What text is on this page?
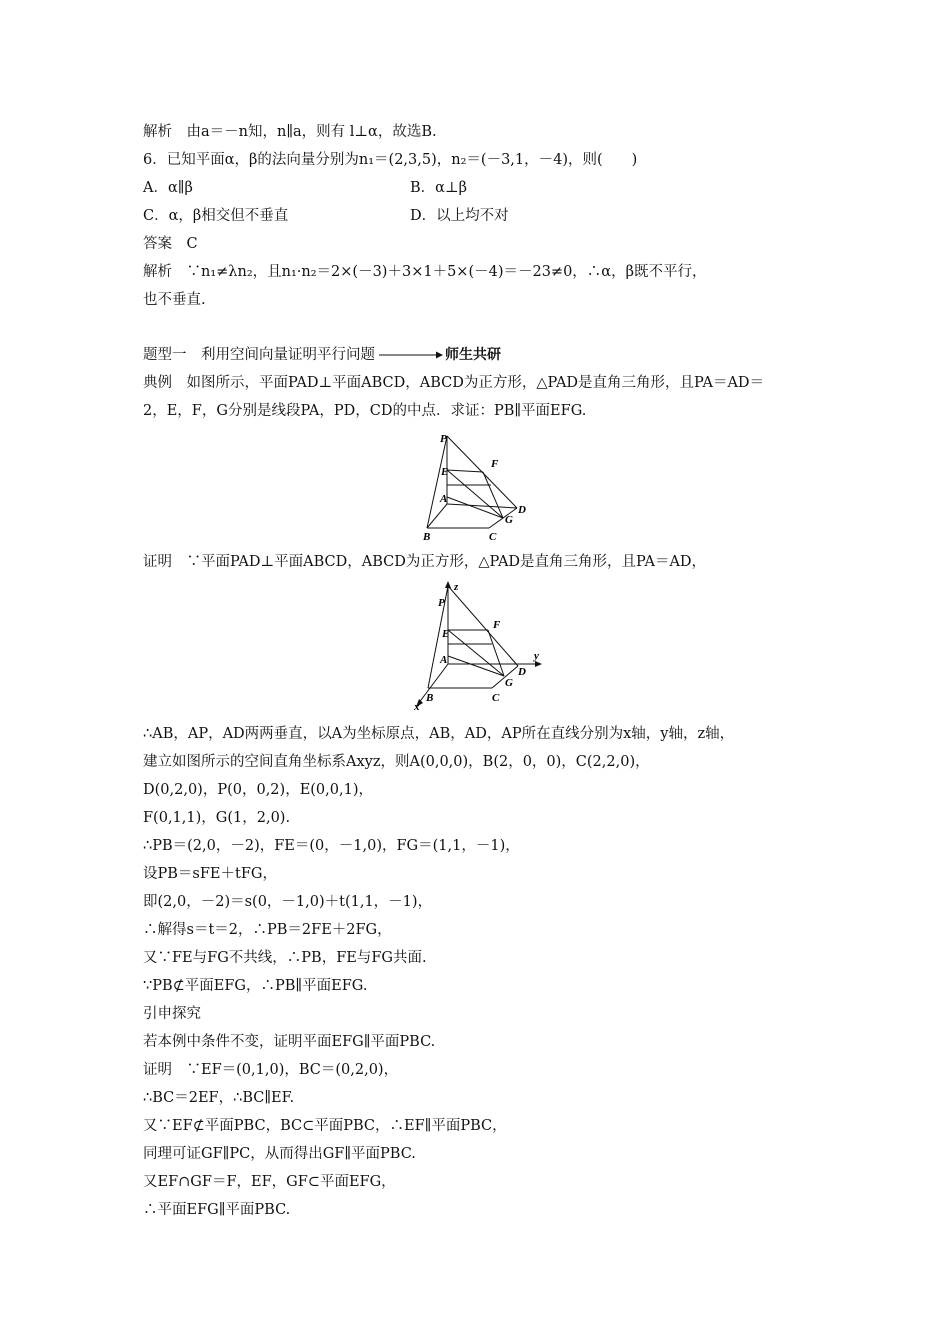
解析　由a＝－n知，n∥a，则有 l⊥α，故选B.
6．已知平面α，β的法向量分别为n₁＝(2,3,5)，n₂＝(－3,1，－4)，则(　　)
A．α∥β	B．α⊥β
C．α，β相交但不垂直	D．以上均不对
答案　C
解析　∵n₁≠λn₂，且n₁·n₂＝2×(－3)＋3×1＋5×(－4)＝－23≠0，∴α，β既不平行，
也不垂直.
题型一　利用空间向量证明平行问题	师生共研
典例　如图所示，平面PAD⊥平面ABCD，ABCD为正方形，△PAD是直角三角形，且PA＝AD＝
2，E，F，G分别是线段PA，PD，CD的中点．求证：PB∥平面EFG.
P
E
F
A
D
G
B	C
证明　∵平面PAD⊥平面ABCD，ABCD为正方形，△PAD是直角三角形，且PA＝AD，
z
y
x
P
E
F
A
D
G
B	C
∴AB，AP，AD两两垂直，以A为坐标原点，AB，AD，AP所在直线分别为x轴，y轴，z轴，
建立如图所示的空间直角坐标系Axyz，则A(0,0,0)，B(2，0，0)，C(2,2,0)，
D(0,2,0)，P(0，0,2)，E(0,0,1)，
F(0,1,1)，G(1，2,0).
∴PB＝(2,0，－2)，FE＝(0，－1,0)，FG＝(1,1，－1)，
设PB＝sFE＋tFG，
即(2,0，－2)＝s(0，－1,0)＋t(1,1，－1)，
∴解得s＝t＝2，∴PB＝2FE＋2FG，
又∵FE与FG不共线，∴PB，FE与FG共面.
∵PB⊄平面EFG，∴PB∥平面EFG.
引申探究
若本例中条件不变，证明平面EFG∥平面PBC.
证明　∵EF＝(0,1,0)，BC＝(0,2,0)，
∴BC＝2EF，∴BC∥EF.
又∵EF⊄平面PBC，BC⊂平面PBC，∴EF∥平面PBC，
同理可证GF∥PC，从而得出GF∥平面PBC.
又EF∩GF＝F，EF，GF⊂平面EFG，
∴平面EFG∥平面PBC.
